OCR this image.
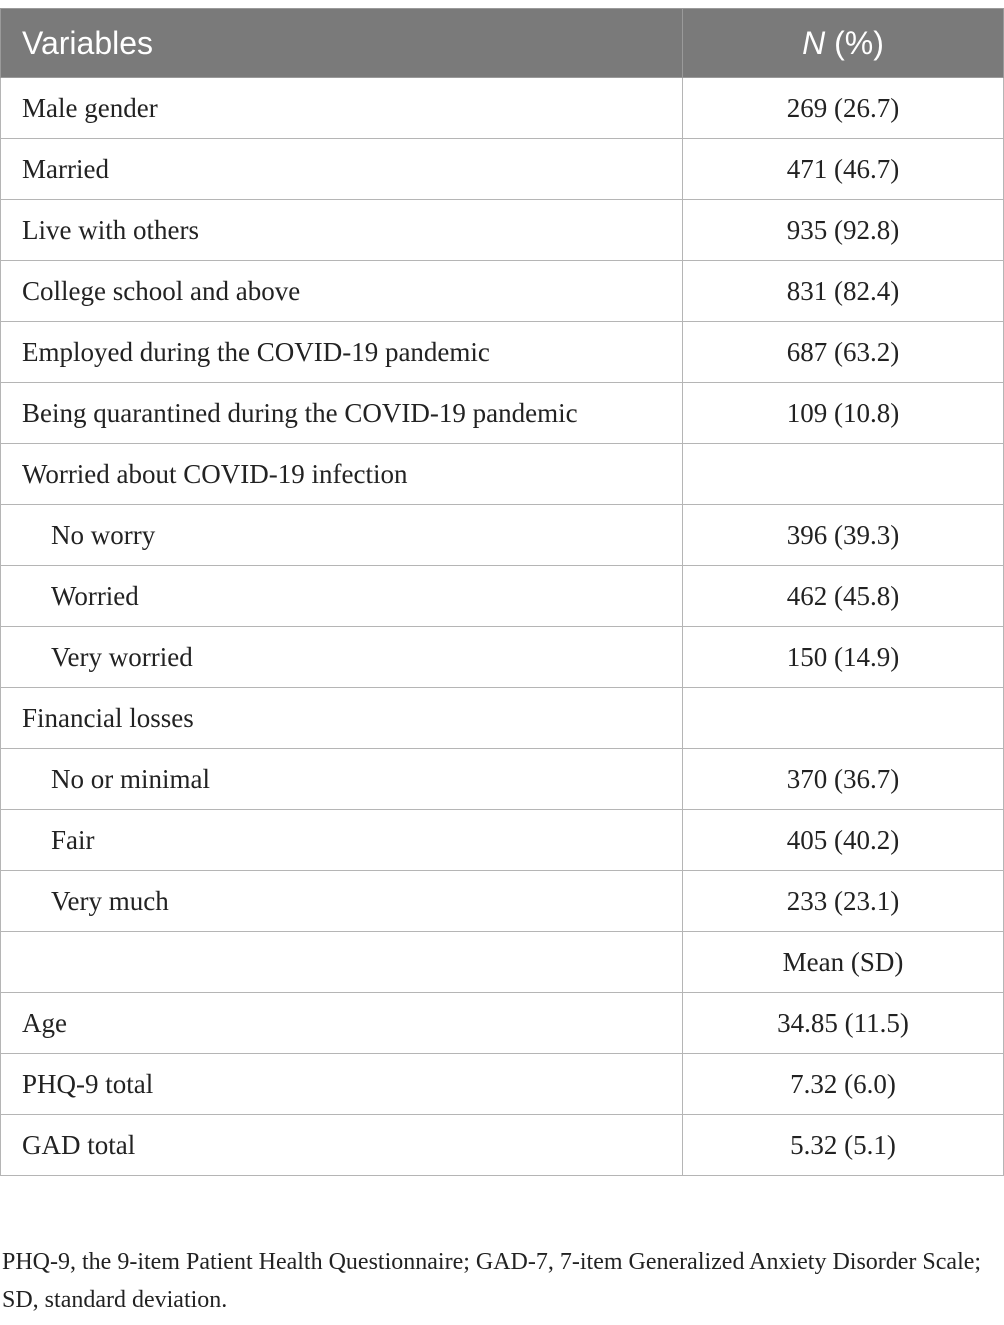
Variables	N (%)
Male gender	269 (26.7)
Married	471 (46.7)
Live with others	935 (92.8)
College school and above	831 (82.4)
Employed during the COVID-19 pandemic	687 (63.2)
Being quarantined during the COVID-19 pandemic	109 (10.8)
Worried about COVID-19 infection	
No worry	396 (39.3)
Worried	462 (45.8)
Very worried	150 (14.9)
Financial losses	
No or minimal	370 (36.7)
Fair	405 (40.2)
Very much	233 (23.1)
	Mean (SD)
Age	34.85 (11.5)
PHQ-9 total	7.32 (6.0)
GAD total	5.32 (5.1)
PHQ-9, the 9-item Patient Health Questionnaire; GAD-7, 7-item Generalized Anxiety Disorder Scale; SD, standard deviation.
